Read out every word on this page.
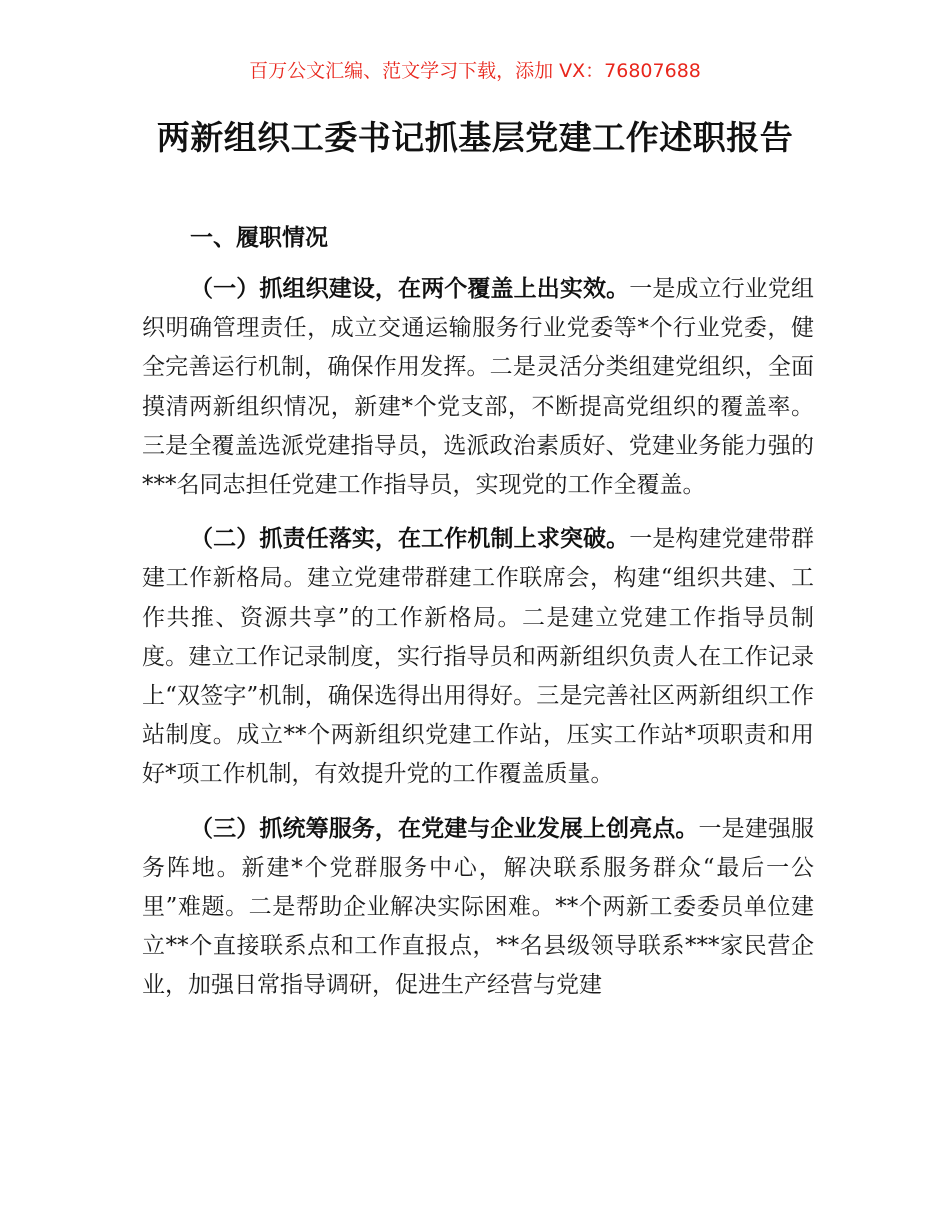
百万公文汇编、范文学习下载，添加 VX：76807688
两新组织工委书记抓基层党建工作述职报告
一、履职情况

（一）抓组织建设，在两个覆盖上出实效。一是成立行业党组织明确管理责任，成立交通运输服务行业党委等*个行业党委，健全完善运行机制，确保作用发挥。二是灵活分类组建党组织，全面摸清两新组织情况，新建*个党支部，不断提高党组织的覆盖率。三是全覆盖选派党建指导员，选派政治素质好、党建业务能力强的***名同志担任党建工作指导员，实现党的工作全覆盖。

（二）抓责任落实，在工作机制上求突破。一是构建党建带群建工作新格局。建立党建带群建工作联席会，构建“组织共建、工作共推、资源共享”的工作新格局。二是建立党建工作指导员制度。建立工作记录制度，实行指导员和两新组织负责人在工作记录上“双签字”机制，确保选得出用得好。三是完善社区两新组织工作站制度。成立**个两新组织党建工作站，压实工作站*项职责和用好*项工作机制，有效提升党的工作覆盖质量。

（三）抓统筹服务，在党建与企业发展上创亮点。一是建强服务阵地。新建*个党群服务中心，解决联系服务群众“最后一公里”难题。二是帮助企业解决实际困难。**个两新工委委员单位建立**个直接联系点和工作直报点，**名县级领导联系***家民营企业，加强日常指导调研，促进生产经营与党建
